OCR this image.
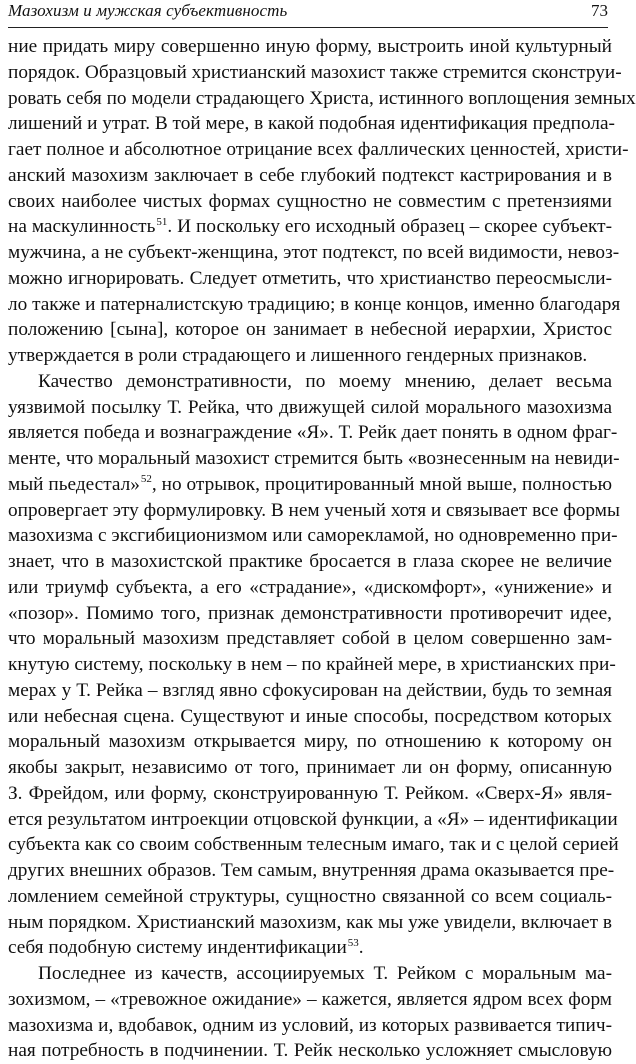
Мазохизм и мужская субъективность	73
ние придать миру совершенно иную форму, выстроить иной культурный
порядок. Образцовый христианский мазохист также стремится сконструи-
ровать себя по модели страдающего Христа, истинного воплощения земных
лишений и утрат. В той мере, в какой подобная идентификация предпола-
гает полное и абсолютное отрицание всех фаллических ценностей, христи-
анский мазохизм заключает в себе глубокий подтекст кастрирования и в
своих наиболее чистых формах сущностно не совместим с претензиями
на маскулинность$^{51}$. И поскольку его исходный образец – скорее субъект-
мужчина, а не субъект-женщина, этот подтекст, по всей видимости, невоз-
можно игнорировать. Следует отметить, что христианство переосмысли-
ло также и патерналистскую традицию; в конце концов, именно благодаря
положению [сына], которое он занимает в небесной иерархии, Христос
утверждается в роли страдающего и лишенного гендерных признаков.
Качество демонстративности, по моему мнению, делает весьма
уязвимой посылку Т. Рейка, что движущей силой морального мазохизма
является победа и вознаграждение «Я». Т. Рейк дает понять в одном фраг-
менте, что моральный мазохист стремится быть «вознесенным на невиди-
мый пьедестал»$^{52}$, но отрывок, процитированный мной выше, полностью
опровергает эту формулировку. В нем ученый хотя и связывает все формы
мазохизма с эксгибиционизмом или саморекламой, но одновременно при-
знает, что в мазохистской практике бросается в глаза скорее не величие
или триумф субъекта, а его «страдание», «дискомфорт», «унижение» и
«позор». Помимо того, признак демонстративности противоречит идее,
что моральный мазохизм представляет собой в целом совершенно зам-
кнутую систему, поскольку в нем – по крайней мере, в христианских при-
мерах у Т. Рейка – взгляд явно сфокусирован на действии, будь то земная
или небесная сцена. Существуют и иные способы, посредством которых
моральный мазохизм открывается миру, по отношению к которому он
якобы закрыт, независимо от того, принимает ли он форму, описанную
З. Фрейдом, или форму, сконструированную Т. Рейком. «Сверх-Я» явля-
ется результатом интроекции отцовской функции, а «Я» – идентификации
субъекта как со своим собственным телесным имаго, так и с целой серией
других внешних образов. Тем самым, внутренняя драма оказывается пре-
ломлением семейной структуры, сущностно связанной со всем социаль-
ным порядком. Христианский мазохизм, как мы уже увидели, включает в
себя подобную систему индентификации$^{53}$.
Последнее из качеств, ассоциируемых Т. Рейком с моральным ма-
зохизмом, – «тревожное ожидание» – кажется, является ядром всех форм
мазохизма и, вдобавок, одним из условий, из которых развивается типич-
ная потребность в подчинении. Т. Рейк несколько усложняет смысловую
